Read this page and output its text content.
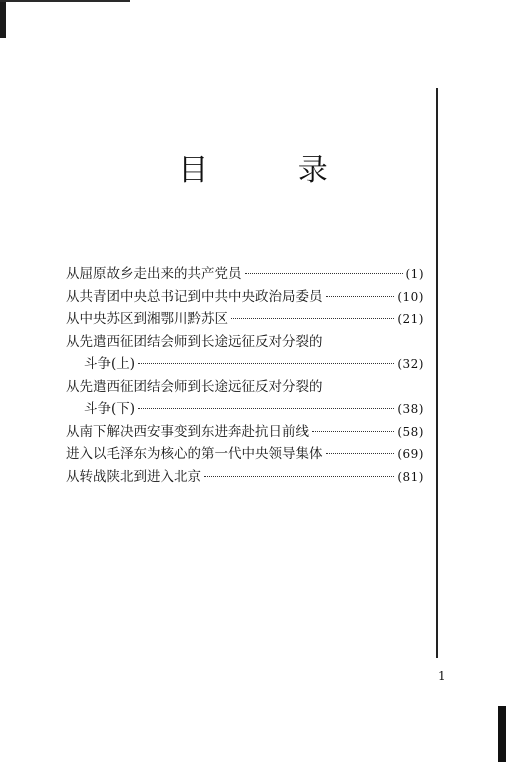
目 录
从屈原故乡走出来的共产党员	(1)
从共青团中央总书记到中共中央政治局委员	(10)
从中央苏区到湘鄂川黔苏区	(21)
从先遣西征团结会师到长途远征反对分裂的
斗争(上)	(32)
从先遣西征团结会师到长途远征反对分裂的
斗争(下)	(38)
从南下解决西安事变到东进奔赴抗日前线	(58)
进入以毛泽东为核心的第一代中央领导集体	(69)
从转战陕北到进入北京	(81)
1
